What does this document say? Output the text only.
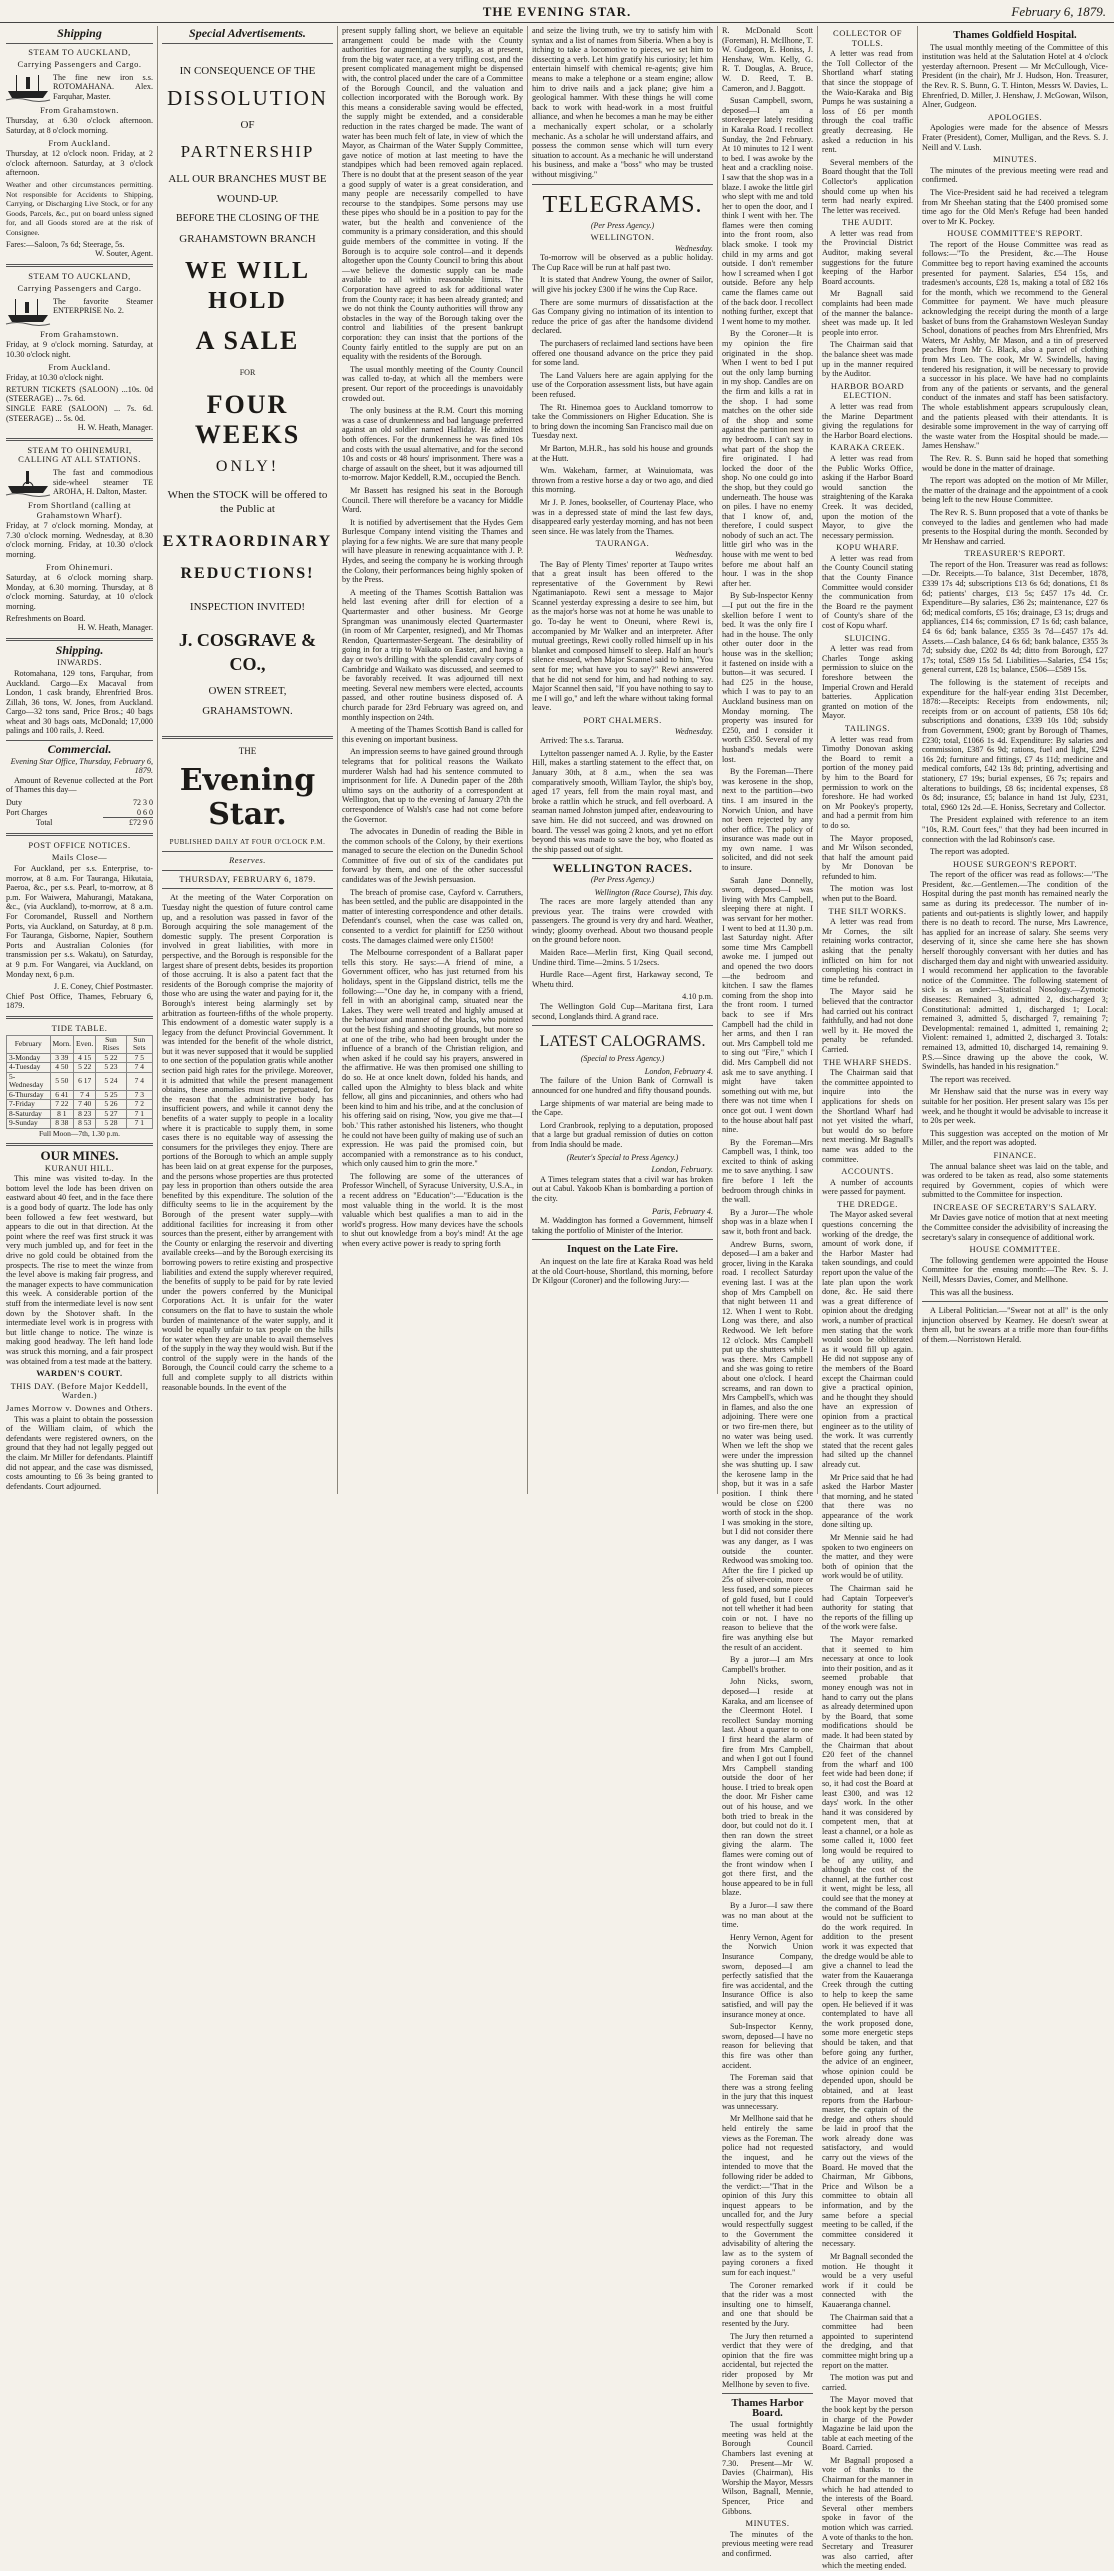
THE EVENING STAR.	February 6, 1879.
Shipping
STEAM TO AUCKLAND,
Carrying Passengers and Cargo.
The fine new iron s.s. ROTOMAHANA. Alex. Farquhar, Master.
From Grahamstown.
Thursday, at 6.30 o'clock afternoon. Saturday, at 8 o'clock morning.
From Auckland.
Thursday, at 12 o'clock noon. Friday, at 2 o'clock afternoon. Saturday, at 3 o'clock afternoon.
Weather and other circumstances permitting. Not responsible for Accidents to Shipping, Carrying, or Discharging Live Stock, or for any Goods, Parcels, &c., put on board unless signed for, and all Goods stored are at the risk of Consignee.
Fares:—Saloon, 7s 6d; Steerage, 5s.
W. Souter, Agent.
STEAM TO AUCKLAND,
Carrying Passengers and Cargo.
The favorite Steamer ENTERPRISE No. 2.
From Grahamstown.
Friday, at 9 o'clock morning. Saturday, at 10.30 o'clock night.
From Auckland.
Friday, at 10.30 o'clock night.
RETURN TICKETS (SALOON) ...10s. 0d (STEERAGE) ... 7s. 6d.
SINGLE FARE (SALOON) ... 7s. 6d. (STEERAGE) ... 5s. 0d.
H. W. Heath, Manager.
STEAM TO OHINEMURI, CALLING AT ALL STATIONS.
The fast and commodious side-wheel steamer TE AROHA, H. Dalton, Master.
From Shortland (calling at Grahamstown Wharf).
Friday, at 7 o'clock morning. Monday, at 7.30 o'clock morning. Wednesday, at 8.30 o'clock morning. Friday, at 10.30 o'clock morning.
From Ohinemuri.
Saturday, at 6 o'clock morning sharp. Monday, at 6.30 morning. Thursday, at 8 o'clock morning. Saturday, at 10 o'clock morning.
Refreshments on Board.
H. W. Heath, Manager.
Shipping.
INWARDS.

Rotomahana, 129 tons, Farquhar, from Auckland. Cargo—Ex Macaval from London, 1 cask brandy, Ehrenfried Bros. Zillah, 36 tons, W. Jones, from Auckland. Cargo—32 tons sand, Price Bros.; 40 bags wheat and 30 bags oats, McDonald; 17,000 palings and 100 rails, J. Reed.

Commercial.
Evening Star Office, Thursday, February 6, 1879.

Amount of Revenue collected at the Port of Thames this day—

Duty	72 3 0
Port Charges	0 6 0
Total	£72 9 0
POST OFFICE NOTICES.
Mails Close—

For Auckland, per s.s. Enterprise, to-morrow, at 8 a.m. For Tauranga, Hikutaia, Paeroa, &c., per s.s. Pearl, to-morrow, at 8 p.m. For Waiwera, Mahurangi, Matakana, &c., (via Auckland), to-morrow, at 8 a.m. For Coromandel, Russell and Northern Ports, via Auckland, on Saturday, at 8 p.m. For Tauranga, Gisborne, Napier, Southern Ports and Australian Colonies (for transmission per s.s. Wakatu), on Saturday, at 9 p.m. For Wangarei, via Auckland, on Monday next, 6 p.m.

J. E. Coney, Chief Postmaster.
Chief Post Office, Thames, February 6, 1879.
TIDE TABLE.
February	Morn.	Even.	Sun Rises	Sun Sets
3-Monday	3 39	4 15	5 22	7 5
4-Tuesday	4 50	5 22	5 23	7 4
5-Wednesday	5 50	6 17	5 24	7 4
6-Thursday	6 41	7 4	5 25	7 3
7-Friday	7 22	7 40	5 26	7 2
8-Saturday	8 1	8 23	5 27	7 1
9-Sunday	8 38	8 53	5 28	7 1
Full Moon—7th, 1.30 p.m.
OUR MINES.
KURANUI HILL.

This mine was visited to-day. In the bottom level the lode has been driven on eastward about 40 feet, and in the face there is a good body of quartz. The lode has only been followed a few feet westward, but appears to die out in that direction. At the point where the reef was first struck it was very much jumbled up, and for feet in the drive no gold could be obtained from the prospects. The rise to meet the winze from the level above is making fair progress, and the manager expects to have communication this week. A considerable portion of the stuff from the intermediate level is now sent down by the Shotover shaft. In the intermediate level work is in progress with but little change to notice. The winze is making good headway. The left hand lode was struck this morning, and a fair prospect was obtained from a test made at the battery.

WARDEN'S COURT.
THIS DAY. (Before Major Keddell, Warden.)
James Morrow v. Downes and Others.

This was a plaint to obtain the possession of the William claim, of which the defendants were registered owners, on the ground that they had not legally pegged out the claim. Mr Miller for defendants. Plaintiff did not appear, and the case was dismissed, costs amounting to £6 3s being granted to defendants. Court adjourned.

Special Advertisements.
IN CONSEQUENCE OF THE
DISSOLUTION
OF
PARTNERSHIP
ALL OUR BRANCHES MUST BE
WOUND-UP.
BEFORE THE CLOSING OF THE
GRAHAMSTOWN BRANCH
WE WILL HOLD
A SALE
FOR
FOUR WEEKS
ONLY!
When the STOCK will be offered to the Public at
EXTRAORDINARY
REDUCTIONS!
INSPECTION INVITED!
J. COSGRAVE & CO.,
OWEN STREET,
GRAHAMSTOWN.
THE
Evening Star.
PUBLISHED DAILY AT FOUR O'CLOCK P.M.
Reserves.
THURSDAY, FEBRUARY 6, 1879.

At the meeting of the Water Corporation on Tuesday night the question of future control came up, and a resolution was passed in favor of the Borough acquiring the sole management of the domestic supply. The present Corporation is involved in great liabilities, with more in perspective, and the Borough is responsible for the largest share of present debts, besides its proportion of those accruing. It is also a patent fact that the residents of the Borough comprise the majority of those who are using the water and paying for it, the Borough's interest being alarmingly set by arbitration as fourteen-fifths of the whole property. This endowment of a domestic water supply is a legacy from the defunct Provincial Government. It was intended for the benefit of the whole district, but it was never supposed that it would be supplied to one section of the population gratis while another section paid high rates for the privilege. Moreover, it is admitted that while the present management obtains, these anomalies must be perpetuated, for the reason that the administrative body has insufficient powers, and while it cannot deny the benefits of a water supply to people in a locality where it is practicable to supply them, in some cases there is no equitable way of assessing the consumers for the privileges they enjoy. There are portions of the Borough to which an ample supply has been laid on at great expense for the purposes, and the persons whose properties are thus protected pay less in proportion than others outside the area benefited by this expenditure. The solution of the difficulty seems to lie in the acquirement by the Borough of the present water supply—with additional facilities for increasing it from other sources than the present, either by arrangement with the County or enlarging the reservoir and diverting available creeks—and by the Borough exercising its borrowing powers to retire existing and prospective liabilities and extend the supply wherever required, the benefits of supply to be paid for by rate levied under the powers conferred by the Municipal Corporations Act. It is unfair for the water consumers on the flat to have to sustain the whole burden of maintenance of the water supply, and it would be equally unfair to tax people on the hills for water when they are unable to avail themselves of the supply in the way they would wish. But if the control of the supply were in the hands of the Borough, the Council could carry the scheme to a full and complete supply to all districts within reasonable bounds. In the event of the

present supply falling short, we believe an equitable arrangement could be made with the County authorities for augmenting the supply, as at present, from the big water race, at a very trifling cost, and the present complicated management might be dispensed with, the control placed under the care of a Committee of the Borough Council, and the valuation and collection incorporated with the Borough work. By this means a considerable saving would be effected, the supply might be extended, and a considerable reduction in the rates charged be made. The want of water has been much felt of late, in view of which the Mayor, as Chairman of the Water Supply Committee, gave notice of motion at last meeting to have the standpipes which had been removed again replaced. There is no doubt that at the present season of the year a good supply of water is a great consideration, and many people are necessarily compelled to have recourse to the standpipes. Some persons may use these pipes who should be in a position to pay for the water, but the health and convenience of the community is a primary consideration, and this should guide members of the committee in voting. If the Borough is to acquire sole control—and it depends altogether upon the County Council to bring this about—we believe the domestic supply can be made available to all within reasonable limits. The Corporation have agreed to ask for additional water from the County race; it has been already granted; and we do not think the County authorities will throw any obstacles in the way of the Borough taking over the control and liabilities of the present bankrupt corporation: they can insist that the portions of the County fairly entitled to the supply are put on an equality with the residents of the Borough.

The usual monthly meeting of the County Council was called to-day, at which all the members were present. Our report of the proceedings is unavoidably crowded out.

The only business at the R.M. Court this morning was a case of drunkenness and bad language preferred against an old soldier named Halliday. He admitted both offences. For the drunkenness he was fined 10s and costs with the usual alternative, and for the second 10s and costs or 48 hours' imprisonment. There was a charge of assault on the sheet, but it was adjourned till to-morrow. Major Keddell, R.M., occupied the Bench.

Mr Bassett has resigned his seat in the Borough Council. There will therefore be a vacancy for Middle Ward.

It is notified by advertisement that the Hydes Gem Burlesque Company intend visiting the Thames and playing for a few nights. We are sure that many people will have pleasure in renewing acquaintance with J. P. Hydes, and seeing the company he is working through the Colony, their performances being highly spoken of by the Press.

A meeting of the Thames Scottish Battalion was held last evening after drill for election of a Quartermaster and other business. Mr George Sprangman was unanimously elected Quartermaster (in room of Mr Carpenter, resigned), and Mr Thomas Rendon, Quartermaster-Sergeant. The desirability of going in for a trip to Waikato on Easter, and having a day or two's drilling with the splendid cavalry corps of Cambridge and Waikato was discussed, and seemed to be favorably received. It was adjourned till next meeting. Several new members were elected, accounts passed, and other routine business disposed of. A church parade for 23rd February was agreed on, and monthly inspection on 24th.

A meeting of the Thames Scottish Band is called for this evening on important business.

An impression seems to have gained ground through telegrams that for political reasons the Waikato murderer Walsh had had his sentence commuted to imprisonment for life. A Dunedin paper of the 28th ultimo says on the authority of a correspondent at Wellington, that up to the evening of January 27th the correspondence of Walsh's case had not come before the Governor.

The advocates in Dunedin of reading the Bible in the common schools of the Colony, by their exertions managed to secure the election on the Dunedin School Committee of five out of six of the candidates put forward by them, and one of the other successful candidates was of the Jewish persuasion.

The breach of promise case, Cayford v. Carruthers, has been settled, and the public are disappointed in the matter of interesting correspondence and other details. Defendant's counsel, when the case was called on, consented to a verdict for plaintiff for £250 without costs. The damages claimed were only £1500!

The Melbourne correspondent of a Ballarat paper tells this story. He says:—A friend of mine, a Government officer, who has just returned from his holidays, spent in the Gippsland district, tells me the following:—"One day he, in company with a friend, fell in with an aboriginal camp, situated near the Lakes. They were well treated and highly amused at the behaviour and manner of the blacks, who pointed out the best fishing and shooting grounds, but more so at one of the tribe, who had been brought under the influence of a branch of the Christian religion, and when asked if he could say his prayers, answered in the affirmative. He was then promised one shilling to do so. He at once knelt down, folded his hands, and called upon the Almighty to bless black and white fellow, all gins and piccaninnies, and others who had been kind to him and his tribe, and at the conclusion of his offering said on rising, 'Now, you give me that—I bob.' This rather astonished his listeners, who thought he could not have been guilty of making use of such an expression. He was paid the promised coin, but accompanied with a remonstrance as to his conduct, which only caused him to grin the more."

The following are some of the utterances of Professor Winchell, of Syracuse University, U.S.A., in a recent address on "Education":—"Education is the most valuable thing in the world. It is the most valuable which best qualifies a man to aid in the world's progress. How many devices have the schools to shut out knowledge from a boy's mind! At the age when every active power is ready to spring forth

and seize the living truth, we try to satisfy him with syntax and a list of names from Siberia. When a boy is itching to take a locomotive to pieces, we set him to dissecting a verb. Let him gratify his curiosity; let him entertain himself with chemical re-agents; give him means to make a telephone or a steam engine; allow him to drive nails and a jack plane; give him a geological hammer. With these things he will come back to work with head-work in a most fruitful alliance, and when he becomes a man he may be either a mechanically expert scholar, or a scholarly mechanic. As a scholar he will understand affairs, and possess the common sense which will turn every situation to account. As a mechanic he will understand his business, and make a "boss" who may be trusted without misgiving."

TELEGRAMS.
(Per Press Agency.)
WELLINGTON.
Wednesday.

To-morrow will be observed as a public holiday. The Cup Race will be run at half past two.

It is stated that Andrew Young, the owner of Sailor, will give his jockey £300 if he wins the Cup Race.

There are some murmurs of dissatisfaction at the Gas Company giving no intimation of its intention to reduce the price of gas after the handsome dividend declared.

The purchasers of reclaimed land sections have been offered one thousand advance on the price they paid for some land.

The Land Valuers here are again applying for the use of the Corporation assessment lists, but have again been refused.

The Rt. Hinemoa goes to Auckland tomorrow to take the Commissioners on Higher Education. She is to bring down the incoming San Francisco mail due on Tuesday next.

Mr Barton, M.H.R., has sold his house and grounds at the Hutt.

Wm. Wakeham, farmer, at Wainuiomata, was thrown from a restive horse a day or two ago, and died this morning.

Mr J. P. Jones, bookseller, of Courtenay Place, who was in a depressed state of mind the last few days, disappeared early yesterday morning, and has not been seen since. He was lately from the Thames.

TAURANGA.
Wednesday.

The Bay of Plenty Times' reporter at Taupo writes that a great insult has been offered to the representative of the Government by Rewi Ngatimaniapoto. Rewi sent a message to Major Scannel yesterday expressing a desire to see him, but as the major's horse was not at home he was unable to go. To-day he went to Oneuni, where Rewi is, accompanied by Mr Walker and an interpreter. After mutual greetings, Rewi coolly rolled himself up in his blanket and composed himself to sleep. Half an hour's silence ensued, when Major Scannel said to him, "You sent for me; what have you to say?" Rewi answered that he did not send for him, and had nothing to say. Major Scannel then said, "If you have nothing to say to me I will go," and left the whare without taking formal leave.

PORT CHALMERS.
Wednesday.

Arrived: The s.s. Tararua.

Lyttelton passenger named A. J. Rylie, by the Easter Hill, makes a startling statement to the effect that, on January 30th, at 8 a.m., when the sea was comparatively smooth, William Taylor, the ship's boy, aged 17 years, fell from the main royal mast, and broke a rattlin which he struck, and fell overboard. A seaman named Johnston jumped after, endeavouring to save him. He did not succeed, and was drowned on board. The vessel was going 2 knots, and yet no effort beyond this was made to save the boy, who floated as the ship passed out of sight.

WELLINGTON RACES.
(Per Press Agency.)
Wellington (Race Course), This day.

The races are more largely attended than any previous year. The trains were crowded with passengers. The ground is very dry and hard. Weather, windy; gloomy overhead. About two thousand people on the ground before noon.

Maiden Race—Merlin first, King Quail second, Undine third. Time—2mins. 5 1/2secs.

Hurdle Race—Agent first, Harkaway second, Te Whetu third.

4.10 p.m.

The Wellington Gold Cup—Maritana first, Lara second, Longlands third. A grand race.

LATEST CALOGRAMS.
(Special to Press Agency.)
London, February 4.

The failure of the Union Bank of Cornwall is announced for one hundred and fifty thousand pounds.

Large shipments of war material are being made to the Cape.

Lord Cranbrook, replying to a deputation, proposed that a large but gradual remission of duties on cotton from India should be made.

(Reuter's Special to Press Agency.)
London, February.

A Times telegram states that a civil war has broken out at Cabul. Yakoob Khan is bombarding a portion of the city.

Paris, February 4.

M. Waddington has formed a Government, himself taking the portfolio of Minister of the Interior.

Inquest on the Late Fire.

An inquest on the late fire at Karaka Road was held at the old Court-house, Shortland, this morning, before Dr Kilgour (Coroner) and the following Jury:—

R. McDonald Scott (Foreman), H. McIlhone, T. W. Gudgeon, E. Honiss, J. Henshaw, Wm. Kelly, G. R. T. Douglas, A. Bruce, W. D. Reed, T. B. Cameron, and J. Baggott.

Susan Campbell, sworn, deposed—I am a storekeeper lately residing in Karaka Road. I recollect Sunday, the 2nd February. At 10 minutes to 12 I went to bed. I was awoke by the heat and a crackling noise. I saw that the shop was in a blaze. I awoke the little girl who slept with me and told her to open the door, and I think I went with her. The flames were then coming into the front room, also black smoke. I took my child in my arms and got outside. I don't remember how I screamed when I got outside. Before any help came the flames came out of the back door. I recollect nothing further, except that I went home to my mother.

By the Coroner—It is my opinion the fire originated in the shop. When I went to bed I put out the only lamp burning in my shop. Candles are on the firm and kills a rat in the shop. I had some matches on the other side of the shop and some against the partition next to my bedroom. I can't say in what part of the shop the fire originated. I had locked the door of the shop. No one could go into the shop, but they could go underneath. The house was on piles. I have no enemy that I know of, and, therefore, I could suspect nobody of such an act. The little girl who was in the house with me went to bed before me about half an hour. I was in the shop after her.

By Sub-Inspector Kenny—I put out the fire in the skellion before I went to bed. It was the only fire I had in the house. The only other outer door in the house was in the skellion; it fastened on inside with a button—it was secured. I had £25 in the house, which I was to pay to an Auckland business man on Monday morning. The property was insured for £250, and I consider it worth £350. Several of my husband's medals were lost.

By the Foreman—There was kerosene in the shop, next to the partition—two tins. I am insured in the Norwich Union, and have not been rejected by any other office. The policy of insurance was made out in my own name. I was solicited, and did not seek to insure.

Sarah Jane Donnelly, sworn, deposed—I was living with Mrs Campbell, sleeping there at night. I was servant for her mother. I went to bed at 11.30 p.m. last Saturday night. After some time Mrs Campbell awoke me. I jumped out and opened the two doors—the bedroom and kitchen. I saw the flames coming from the shop into the front room. I turned back to see if Mrs Campbell had the child in her arms, and then I ran out. Mrs Campbell told me to sing out "Fire," which I did. Mrs Campbell did not ask me to save anything. I might have taken something out with me, but there was not time when I once got out. I went down to the house about half past nine.

By the Foreman—Mrs Campbell was, I think, too excited to think of asking me to save anything. I saw fire before I left the bedroom through chinks in the wall.

By a Juror—The whole shop was in a blaze when I saw it, both front and back.

Andrew Burns, sworn, deposed—I am a baker and grocer, living in the Karaka road. I recollect Saturday evening last. I was at the shop of Mrs Campbell on that night between 11 and 12. When I went to Robt. Long was there, and also Redwood. We left before 12 o'clock. Mrs Campbell put up the shutters while I was there. Mrs Campbell and she was going to retire about one o'clock. I heard screams, and ran down to Mrs Campbell's, which was in flames, and also the one adjoining. There were one or two fire-men there, but no water was being used. When we left the shop we were under the impression she was shutting up. I saw the kerosene lamp in the shop, but it was in a safe position. I think there would be close on £200 worth of stock in the shop. I was smoking in the store, but I did not consider there was any danger, as I was outside the counter. Redwood was smoking too. After the fire I picked up 25s of silver-coin, more or less fused, and some pieces of gold fused, but I could not tell whether it had been coin or not. I have no reason to believe that the fire was anything else but the result of an accident.

By a juror—I am Mrs Campbell's brother.

John Nicks, sworn, deposed—I reside at Karaka, and am licensee of the Cleermont Hotel. I recollect Sunday morning last. About a quarter to one I first heard the alarm of fire from Mrs Campbell, and when I got out I found Mrs Campbell standing outside the door of her house. I tried to break open the door. Mr Fisher came out of his house, and we both tried to break in the door, but could not do it. I then ran down the street giving the alarm. The flames were coming out of the front window when I got there first, and the house appeared to be in full blaze.

By a Juror—I saw there was no man about at the time.

Henry Vernon, Agent for the Norwich Union Insurance Company, sworn, deposed—I am perfectly satisfied that the fire was accidental, and the Insurance Office is also satisfied, and will pay the insurance money at once.

Sub-Inspector Kenny, sworn, deposed—I have no reason for believing that this fire was other than accident.

The Foreman said that there was a strong feeling in the jury that this inquest was unnecessary.

Mr Mellhone said that he held entirely the same views as the Foreman. The police had not requested the inquest, and he intended to move that the following rider be added to the verdict:—"That in the opinion of this Jury this inquest appears to be uncalled for, and the Jury would respectfully suggest to the Government the advisability of altering the law as to the system of paying coroners a fixed sum for each inquest."

The Coroner remarked that the rider was a most insulting one to himself, and one that should be resented by the Jury.

The Jury then returned a verdict that they were of opinion that the fire was accidental, but rejected the rider proposed by Mr Mellhone by seven to five.

Thames Harbor Board.

The usual fortnightly meeting was held at the Borough Council Chambers last evening at 7.30. Present—Mr W. Davies (Chairman), His Worship the Mayor, Messrs Wilson, Bagnall, Mennie, Spencer, Price and Gibbons.

MINUTES.

The minutes of the previous meeting were read and confirmed.

COLLECTOR OF TOLLS.

A letter was read from the Toll Collector of the Shortland wharf stating that since the stoppage of the Waio-Karaka and Big Pumps he was sustaining a loss of £6 per month through the coal traffic greatly decreasing. He asked a reduction in his rent.

Several members of the Board thought that the Toll Collector's application should come up when his term had nearly expired. The letter was received.

THE AUDIT.

A letter was read from the Provincial District Auditor, making several suggestions for the future keeping of the Harbor Board accounts.

Mr Bagnall said complaints had been made of the manner the balance-sheet was made up. It led people into error.

The Chairman said that the balance sheet was made up in the manner required by the Auditor.

HARBOR BOARD ELECTION.

A letter was read from the Marine Department giving the regulations for the Harbor Board elections.

KARAKA CREEK.

A letter was read from the Public Works Office, asking if the Harbor Board would sanction the straightening of the Karaka Creek. It was decided, upon the motion of the Mayor, to give the necessary permission.

KOPU WHARF.

A letter was read from the County Council stating that the County Finance Committee would consider the communication from the Board re the payment of County's share of the cost of Kopu wharf.

SLUICING.

A letter was read from Charles Tonge asking permission to sluice on the foreshore between the Imperial Crown and Herald batteries. Application granted on motion of the Mayor.

TAILINGS.

A letter was read from Timothy Donovan asking the Board to remit a portion of the money paid by him to the Board for permission to work on the foreshore. He had worked on Mr Pookey's property, and had a permit from him to do so.

The Mayor proposed, and Mr Wilson seconded, that half the amount paid by Mr Donovan be refunded to him.

The motion was lost when put to the Board.

THE SILT WORKS.

A letter was read from Mr Cornes, the silt retaining works contractor, asking that the penalty inflicted on him for not completing his contract in time be refunded.

The Mayor said he believed that the contractor had carried out his contract faithfully, and had not done well by it. He moved the penalty be refunded. Carried.

THE WHARF SHEDS.

The Chairman said that the committee appointed to inquire into the applications for sheds on the Shortland Wharf had not yet visited the wharf, but would do so before next meeting. Mr Bagnall's name was added to the committee.

ACCOUNTS.

A number of accounts were passed for payment.

THE DREDGE.

The Mayor asked several questions concerning the working of the dredge, the amount of work done, if the Harbor Master had taken soundings, and could report upon the value of the late plan upon the work done, &c. He said there was a great difference of opinion about the dredging work, a number of practical men stating that the work would soon be obliterated as it would fill up again. He did not suppose any of the members of the Board except the Chairman could give a practical opinion, and he thought they should have an expression of opinion from a practical engineer as to the utility of the work. It was currently stated that the recent gales had silted up the channel already cut.

Mr Price said that he had asked the Harbor Master that morning, and he stated that there was no appearance of the work done silting up.

Mr Mennie said he had spoken to two engineers on the matter, and they were both of opinion that the work would be of utility.

The Chairman said he had Captain Torpeever's authority for stating that the reports of the filling up of the work were false.

The Mayor remarked that it seemed to him necessary at once to look into their position, and as it seemed probable that money enough was not in hand to carry out the plans as already determined upon by the Board, that some modifications should be made. It had been stated by the Chairman that about £20 feet of the channel from the wharf and 100 feet wide had been done; if so, it had cost the Board at least £300, and was 12 days' work. In the other hand it was considered by competent men, that at least a channel, or a hole as some called it, 1000 feet long would be required to be of any utility, and although the cost of the channel, at the further cost it went, might be less, all could see that the money at the command of the Board would not be sufficient to do the work required. In addition to the present work it was expected that the dredge would be able to give a channel to lead the water from the Kauaeranga Creek through the cutting to help to keep the same open. He believed if it was contemplated to have all the work proposed done, some more energetic steps should be taken, and that before going any further, the advice of an engineer, whose opinion could be depended upon, should be obtained, and at least reports from the Harbour-master, the captain of the dredge and others should be laid in proof that the work already done was satisfactory, and would carry out the views of the Board. He moved that the Chairman, Mr Gibbons, Price and Wilson be a committee to obtain all information, and by the same before a special meeting to be called, if the committee considered it necessary.

Mr Bagnall seconded the motion. He thought it would be a very useful work if it could be connected with the Kauaeranga channel.

The Chairman said that a committee had been appointed to superintend the dredging, and that committee might bring up a report on the matter.

The motion was put and carried.

The Mayor moved that the book kept by the person in charge of the Powder Magazine be laid upon the table at each meeting of the Board. Carried.

Mr Bagnall proposed a vote of thanks to the Chairman for the manner in which he had attended to the interests of the Board. Several other members spoke in favor of the motion which was carried. A vote of thanks to the hon. Secretary and Treasurer was also carried, after which the meeting ended.

Thames Goldfield Hospital.

The usual monthly meeting of the Committee of this institution was held at the Salutation Hotel at 4 o'clock yesterday afternoon. Present — Mr McCullough, Vice-President (in the chair), Mr J. Hudson, Hon. Treasurer, the Rev. R. S. Bunn, G. T. Hinton, Messrs W. Davies, L. Ehrenfried, D. Miller, J. Henshaw, J. McGowan, Wilson, Alner, Gudgeon.

APOLOGIES.

Apologies were made for the absence of Messrs Frater (President), Comer, Mulligan, and the Revs. S. J. Neill and V. Lush.

MINUTES.

The minutes of the previous meeting were read and confirmed.

The Vice-President said he had received a telegram from Mr Sheehan stating that the £400 promised some time ago for the Old Men's Refuge had been handed over to Mr K. Pockey.

HOUSE COMMITTEE'S REPORT.

The report of the House Committee was read as follows:—"To the President, &c.—The House Committee beg to report having examined the accounts presented for payment. Salaries, £54 15s, and tradesmen's accounts, £28 1s, making a total of £82 16s for the month, which we recommend to the General Committee for payment. We have much pleasure acknowledging the receipt during the month of a large basket of buns from the Grahamstown Wesleyan Sunday School, donations of peaches from Mrs Ehrenfried, Mrs Waters, Mr Ashby, Mr Mason, and a tin of preserved peaches from Mr G. Black, also a parcel of clothing from Mrs Leo. The cook, Mr W. Swindells, having tendered his resignation, it will be necessary to provide a successor in his place. We have had no complaints from any of the patients or servants, and the general conduct of the inmates and staff has been satisfactory. The whole establishment appears scrupulously clean, and the patients pleased with their attendants. It is desirable some improvement in the way of carrying off the waste water from the Hospital should be made.—James Henshaw."

The Rev. R. S. Bunn said he hoped that something would be done in the matter of drainage.

The report was adopted on the motion of Mr Miller, the matter of the drainage and the appointment of a cook being left to the new House Committee.

The Rev R. S. Bunn proposed that a vote of thanks be conveyed to the ladies and gentlemen who had made presents to the Hospital during the month. Seconded by Mr Henshaw and carried.

TREASURER'S REPORT.

The report of the Hon. Treasurer was read as follows:—Dr. Receipts.—To balance, 31st December, 1878, £339 17s 4d; subscriptions £13 6s 6d; donations, £1 8s 6d; patients' charges, £13 5s; £457 17s 4d. Cr. Expenditure—By salaries, £36 2s; maintenance, £27 6s 6d; medical comforts, £5 16s; drainage, £3 1s; drugs and appliances, £14 6s; commission, £7 1s 6d; cash balance, £4 6s 6d; bank balance, £355 3s 7d—£457 17s 4d. Assets.—Cash balance, £4 6s 6d; bank balance, £355 3s 7d; subsidy due, £202 8s 4d; ditto from Borough, £27 17s; total, £589 15s 5d. Liabilities—Salaries, £54 15s; general current, £28 1s; balance, £506—£589 15s.

The following is the statement of receipts and expenditure for the half-year ending 31st December, 1878:—Receipts: Receipts from endowments, nil; receipts from or on account of patients, £58 10s 6d; subscriptions and donations, £339 10s 10d; subsidy from Government, £900; grant by Borough of Thames, £230; total, £1066 1s 4d. Expenditure: By salaries and commission, £387 6s 9d; rations, fuel and light, £294 16s 2d; furniture and fittings, £7 4s 11d; medicine and medical comforts, £42 13s 8d; printing, advertising and stationery, £7 19s; burial expenses, £6 7s; repairs and alterations to buildings, £8 6s; incidental expenses, £8 0s 8d; insurance, £5; balance in hand 1st July, £231, total, £960 12s 2d.—E. Honiss, Secretary and Collector.

The President explained with reference to an item "10s, R.M. Court fees," that they had been incurred in connection with the lad Robinson's case.

The report was adopted.

HOUSE SURGEON'S REPORT.

The report of the officer was read as follows:—"The President, &c.—Gentlemen.—The condition of the Hospital during the past month has remained nearly the same as during its predecessor. The number of in-patients and out-patients is slightly lower, and happily there is no death to record. The nurse, Mrs Lawrence, has applied for an increase of salary. She seems very deserving of it, since she came here she has shown herself thoroughly conversant with her duties and has discharged them day and night with unwearied assiduity. I would recommend her application to the favorable notice of the Committee. The following statement of sick is as under:—Statistical Nosology.—Zymotic diseases: Remained 3, admitted 2, discharged 3; Constitutional: admitted 1, discharged 1; Local: remained 3, admitted 5, discharged 7, remaining 7; Developmental: remained 1, admitted 1, remaining 2; Violent: remained 1, admitted 2, discharged 3. Totals: remained 13, admitted 10, discharged 14, remaining 9. P.S.—Since drawing up the above the cook, W. Swindells, has handed in his resignation."

The report was received.

Mr Henshaw said that the nurse was in every way suitable for her position. Her present salary was 15s per week, and he thought it would be advisable to increase it to 20s per week.

This suggestion was accepted on the motion of Mr Miller, and the report was adopted.

FINANCE.

The annual balance sheet was laid on the table, and was ordered to be taken as read, also some statements required by Government, copies of which were submitted to the Committee for inspection.

INCREASE OF SECRETARY'S SALARY.

Mr Davies gave notice of motion that at next meeting the Committee consider the advisibility of increasing the secretary's salary in consequence of additional work.

HOUSE COMMITTEE.

The following gentlemen were appointed the House Committee for the ensuing month:—The Rev. S. J. Neill, Messrs Davies, Comer, and Mellhone.

This was all the business.

A Liberal Politician.—"Swear not at all" is the only injunction observed by Kearney. He doesn't swear at them all, but he swears at a trifle more than four-fifths of them.—Norristown Herald.
